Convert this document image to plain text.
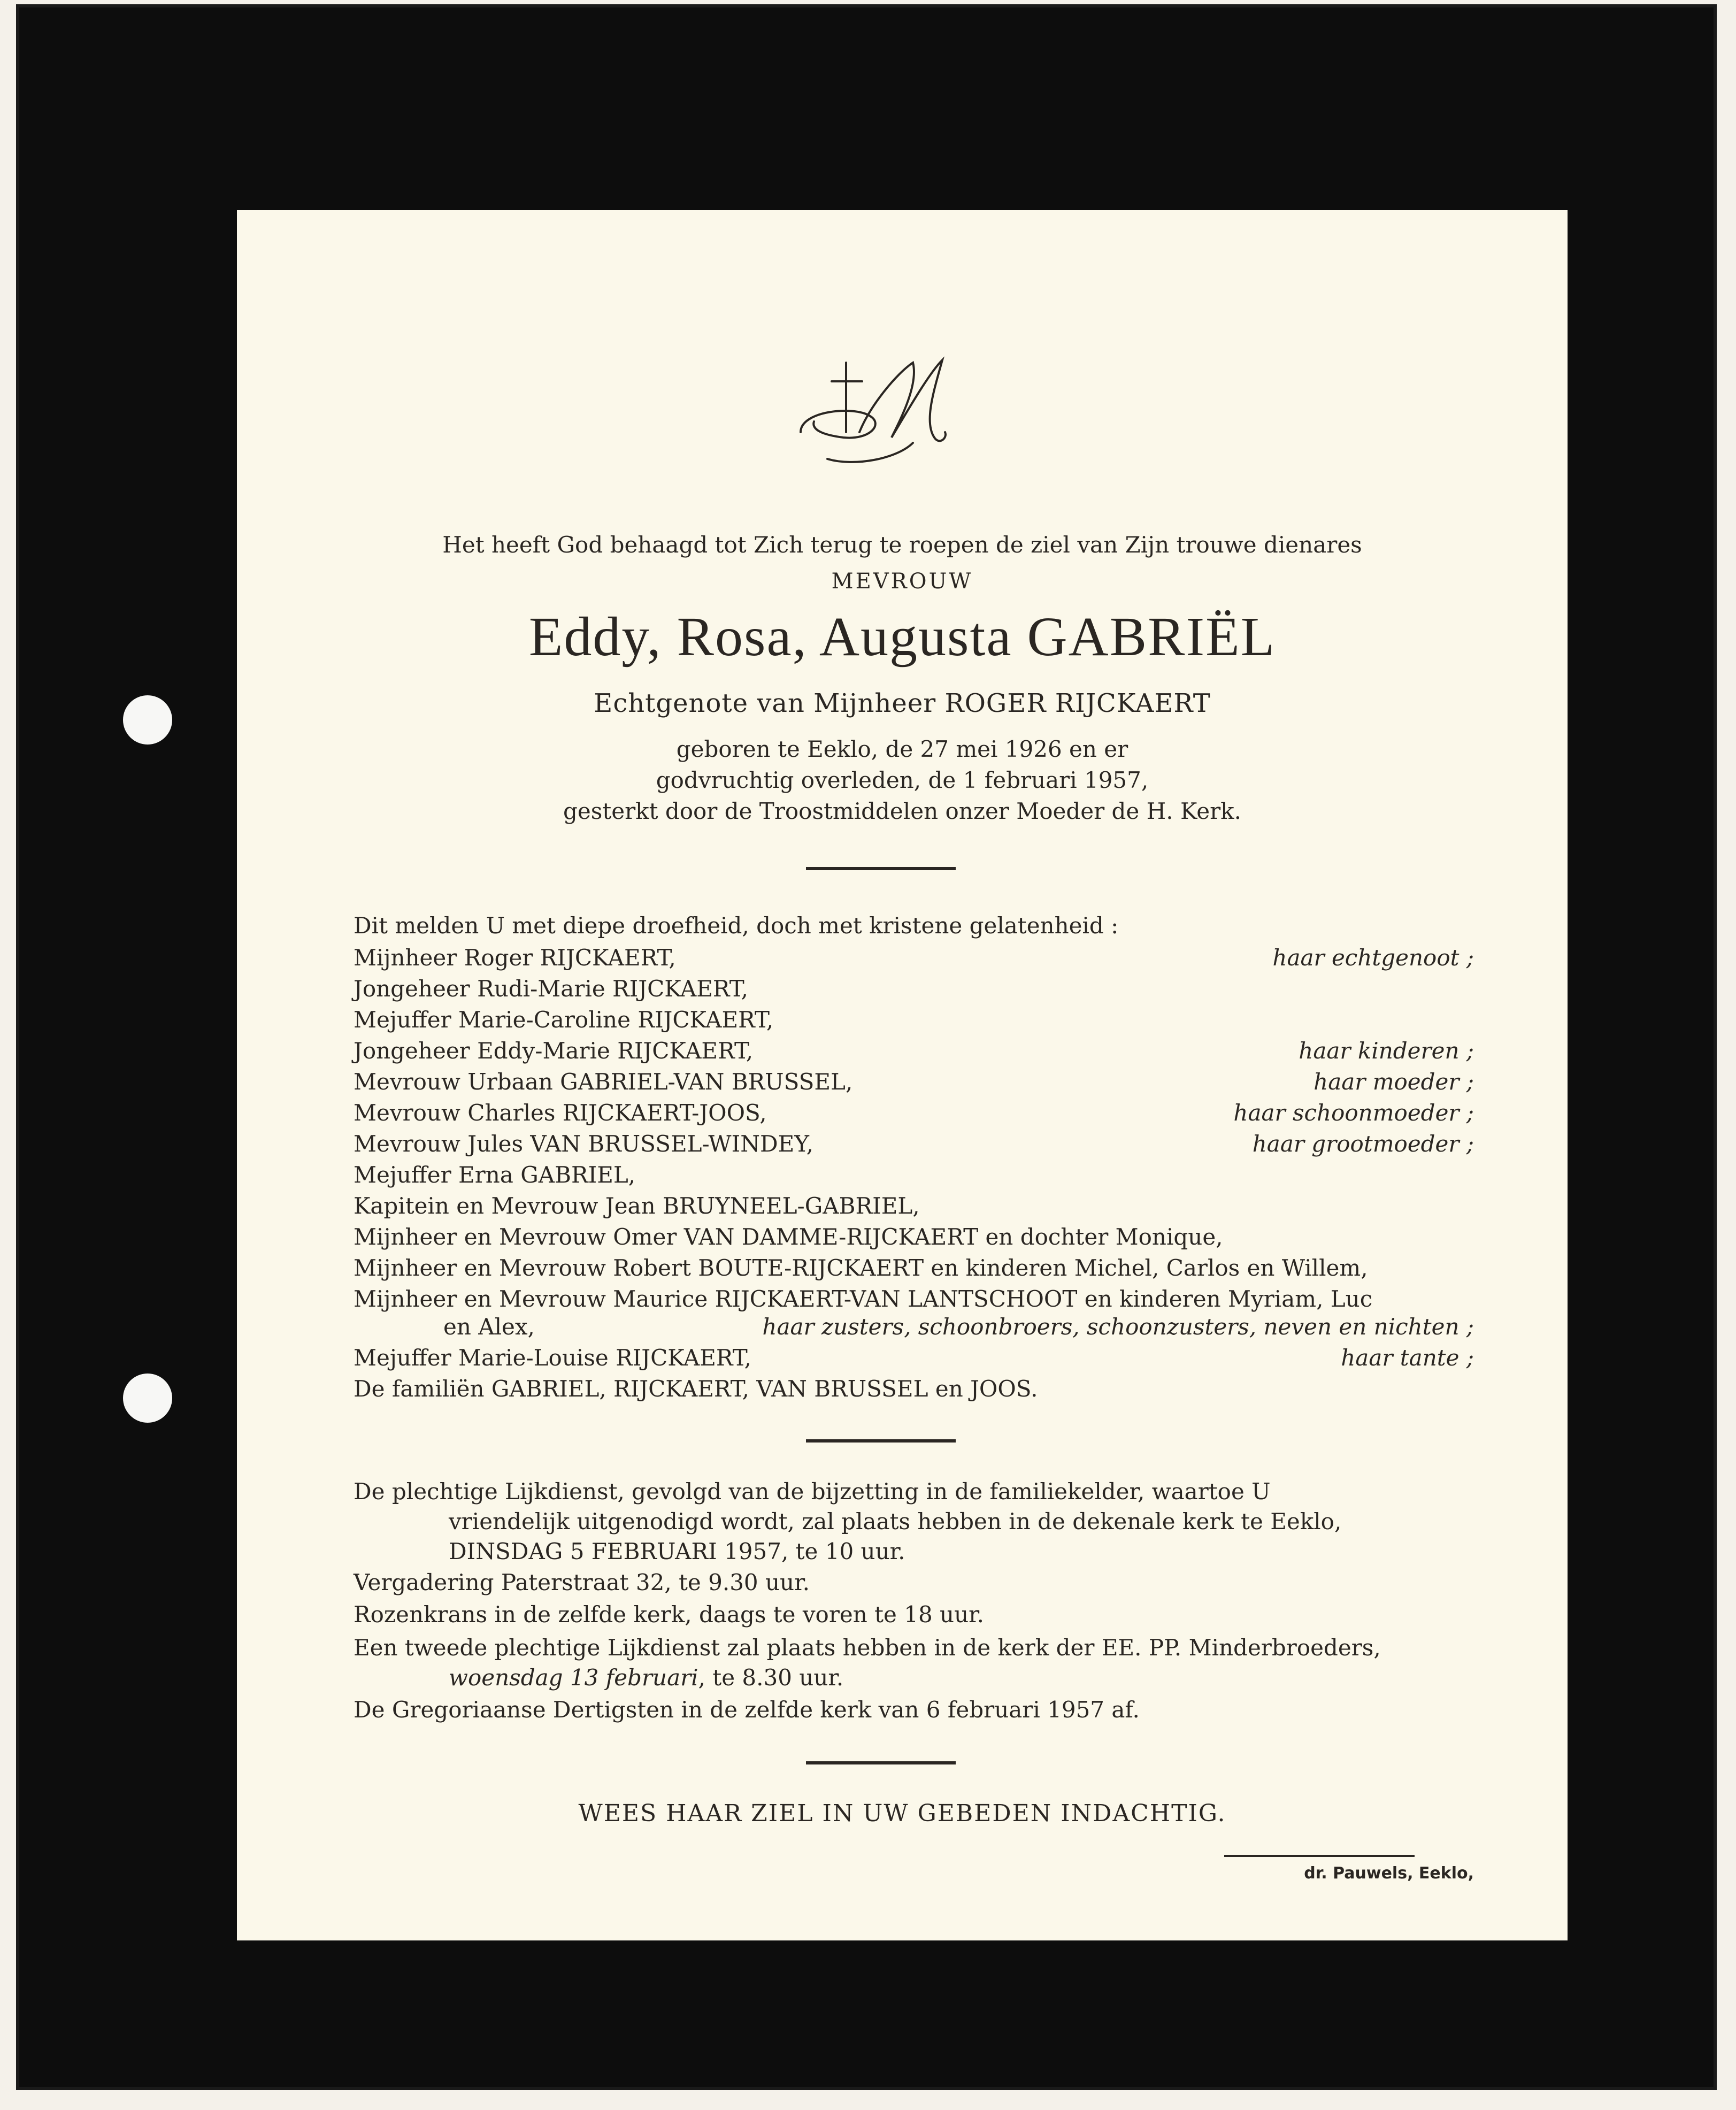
Het heeft God behaagd tot Zich terug te roepen de ziel van Zijn trouwe dienares
MEVROUW
Eddy, Rosa, Augusta GABRIËL
Echtgenote van Mijnheer ROGER RIJCKAERT
geboren te Eeklo, de 27 mei 1926 en er
godvruchtig overleden, de 1 februari 1957,
gesterkt door de Troostmiddelen onzer Moeder de H. Kerk.
Dit melden U met diepe droefheid, doch met kristene gelatenheid :
Mijnheer Roger RIJCKAERT,	haar echtgenoot ;
Jongeheer Rudi-Marie RIJCKAERT,
Mejuffer Marie-Caroline RIJCKAERT,
Jongeheer Eddy-Marie RIJCKAERT,	haar kinderen ;
Mevrouw Urbaan GABRIEL-VAN BRUSSEL,	haar moeder ;
Mevrouw Charles RIJCKAERT-JOOS,	haar schoonmoeder ;
Mevrouw Jules VAN BRUSSEL-WINDEY,	haar grootmoeder ;
Mejuffer Erna GABRIEL,
Kapitein en Mevrouw Jean BRUYNEEL-GABRIEL,
Mijnheer en Mevrouw Omer VAN DAMME-RIJCKAERT en dochter Monique,
Mijnheer en Mevrouw Robert BOUTE-RIJCKAERT en kinderen Michel, Carlos en Willem,
Mijnheer en Mevrouw Maurice RIJCKAERT-VAN LANTSCHOOT en kinderen Myriam, Luc
en Alex,	haar zusters, schoonbroers, schoonzusters, neven en nichten ;
Mejuffer Marie-Louise RIJCKAERT,	haar tante ;
De familiën GABRIEL, RIJCKAERT, VAN BRUSSEL en JOOS.
De plechtige Lijkdienst, gevolgd van de bijzetting in de familiekelder, waartoe U
vriendelijk uitgenodigd wordt, zal plaats hebben in de dekenale kerk te Eeklo,
DINSDAG 5 FEBRUARI 1957, te 10 uur.
Vergadering Paterstraat 32, te 9.30 uur.
Rozenkrans in de zelfde kerk, daags te voren te 18 uur.
Een tweede plechtige Lijkdienst zal plaats hebben in de kerk der EE. PP. Minderbroeders,
woensdag 13 februari, te 8.30 uur.
De Gregoriaanse Dertigsten in de zelfde kerk van 6 februari 1957 af.
WEES HAAR ZIEL IN UW GEBEDEN INDACHTIG.
dr. Pauwels, Eeklo,
